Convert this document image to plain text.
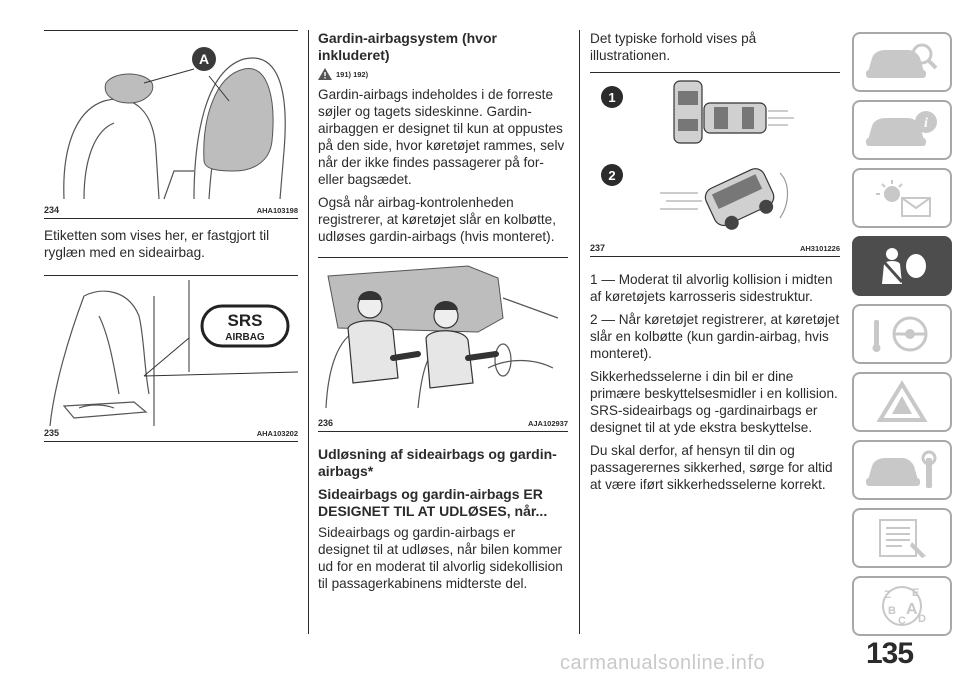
A
234	AHA103198

Etiketten som vises her, er fastgjort til ryglæn med en sideairbag.

SRS
AIRBAG
235	AHA103202
Gardin-airbagsystem (hvor inkluderet)
191) 192)

Gardin-airbags indeholdes i de forreste søjler og tagets sideskinne. Gardin-airbaggen er designet til kun at oppustes på den side, hvor køretøjet rammes, selv når der ikke findes passagerer på for- eller bagsædet.

Også når airbag-kontrolenheden registrerer, at køretøjet slår en kolbøtte, udløses gardin-airbags (hvis monteret).

236	AJA102937
Udløsning af sideairbags og gardin-airbags*
Sideairbags og gardin-airbags ER DESIGNET TIL AT UDLØSES, når...

Sideairbags og gardin-airbags er designet til at udløses, når bilen kommer ud for en moderat til alvorlig sidekollision til passagerkabinens midterste del.

Det typiske forhold vises på illustrationen.

1
2
237	AH3101226

1 — Moderat til alvorlig kollision i midten af køretøjets karrosseris sidestruktur.

2 — Når køretøjet registrerer, at køretøjet slår en kolbøtte (kun gardin-airbag, hvis monteret).

Sikkerhedsselerne i din bil er dine primære beskyttelsesmidler i en kollision. SRS-sideairbags og -gardinairbags er designet til at yde ekstra beskyttelse.

Du skal derfor, af hensyn til din og passagerernes sikkerhed, sørge for altid at være iført sikkerhedsselerne korrekt.

i
Z E
B A
C D
135
carmanualsonline.info
